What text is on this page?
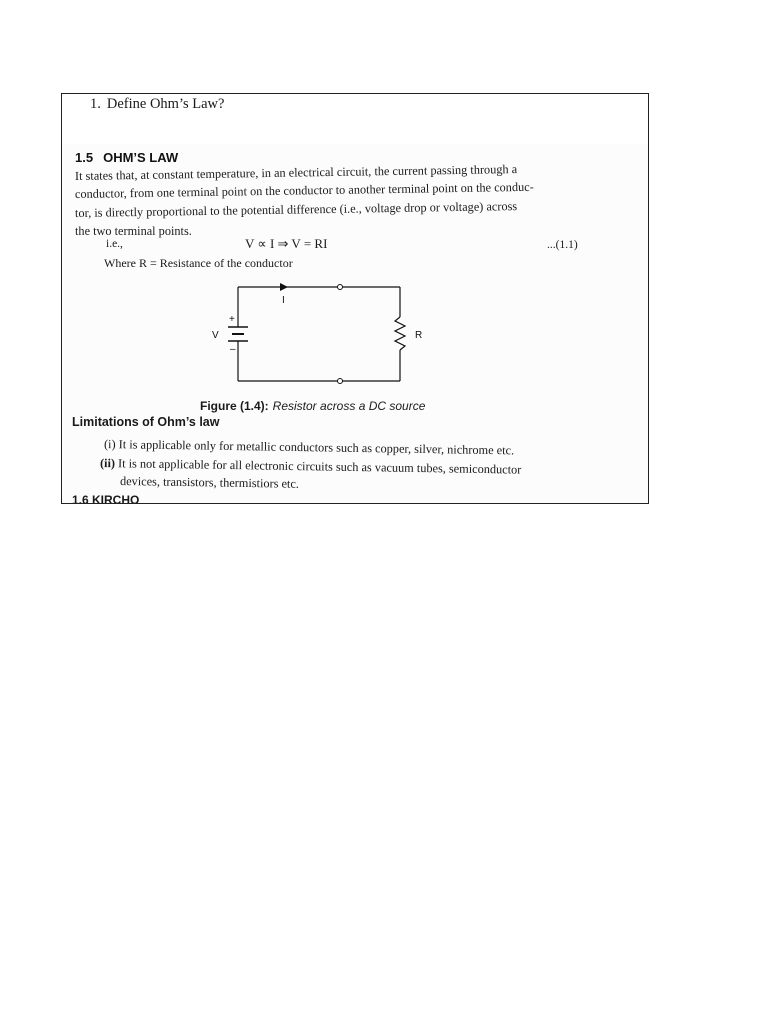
1. Define Ohm’s Law?
1.5 OHM’S LAW
It states that, at constant temperature, in an electrical circuit, the current passing through a
conductor, from one terminal point on the conductor to another terminal point on the conduc-
tor, is directly proportional to the potential difference (i.e., voltage drop or voltage) across
the two terminal points.
i.e.,	V ∝ I ⇒ V = RI	...(1.1)
Where R = Resistance of the conductor
I
+
–
V	R
Figure (1.4): Resistor across a DC source
Limitations of Ohm’s law
(i) It is applicable only for metallic conductors such as copper, silver, nichrome etc.
(ii) It is not applicable for all electronic circuits such as vacuum tubes, semiconductor
devices, transistors, thermistiors etc.
1.6 KIRCHO
